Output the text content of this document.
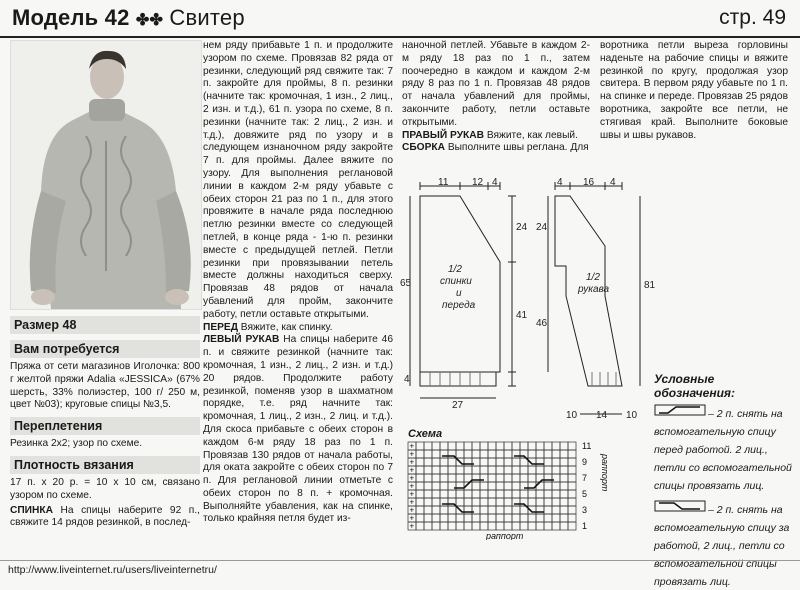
Модель 42 ✤✤ Свитер	стр. 49
Размер 48
Вам потребуется
Пряжа от сети магазинов Иголочка: 800 г желтой пряжи Adalia «JESSICA» (67% шерсть, 33% полиэстер, 100 г/ 250 м, цвет №03); круговые спицы №3,5.
Переплетения
Резинка 2х2; узор по схеме.
Плотность вязания
17 п. х 20 р. = 10 х 10 см, связано узором по схеме.
СПИНКА На спицы наберите 92 п., свяжите 14 рядов резинкой, в послед-
нем ряду прибавьте 1 п. и продолжите узором по схеме. Провязав 82 ряда от резинки, следующий ряд свяжите так: 7 п. закройте для проймы, 8 п. резинки (начните так: кромочная, 1 изн., 2 лиц., 2 изн. и т.д.), 61 п. узора по схеме, 8 п. резинки (начните так: 2 лиц., 2 изн. и т.д.), довяжите ряд по узору и в следующем изнаночном ряду закройте 7 п. для проймы. Далее вяжите по узору. Для выполнения реглановой линии в каждом 2-м ряду убавьте с обеих сторон 21 раз по 1 п., для этого провяжите в начале ряда последнюю петлю резинки вместе со следующей петлей, в конце ряда - 1-ю п. резинки вместе с предыдущей петлей. Петли резинки при провязывании петель вместе должны находиться сверху. Провязав 48 рядов от начала убавлений для пройм, закончите работу, петли оставьте открытыми.
ПЕРЕД Вяжите, как спинку.
ЛЕВЫЙ РУКАВ На спицы наберите 46 п. и свяжите резинкой (начните так: кромочная, 1 изн., 2 лиц., 2 изн. и т.д.) 20 рядов. Продолжите работу резинкой, поменяв узор в шахматном порядке, т.е. ряд начните так: кромочная, 1 лиц., 2 изн., 2 лиц. и т.д.). Для скоса прибавьте с обеих сторон в каждом 6-м ряду 18 раз по 1 п. Провязав 130 рядов от начала работы, для оката закройте с обеих сторон по 7 п. Для реглановой линии отметьте с обеих сторон по 8 п. + кромочная. Выполняйте убавления, как на спинке, только крайняя петля будет из-
наночной петлей. Убавьте в каждом 2-м ряду 18 раз по 1 п., затем поочередно в каждом и каждом 2-м ряду 8 раз по 1 п. Провязав 48 рядов от начала убавлений для проймы, закончите работу, петли оставьте открытыми.
ПРАВЫЙ РУКАВ Вяжите, как левый.
СБОРКА Выполните швы реглана. Для
воротника петли выреза горловины наденьте на рабочие спицы и вяжите резинкой по кругу, продолжая узор свитера. В первом ряду убавьте по 1 п. на спинке и переде. Провязав 25 рядов воротника, закройте все петли, не стягивая край. Выполните боковые швы и швы рукавов.
11 12 4
24
41
4
65
27
1/2
спинки
и
переда
4 16 4
24
46
81
10 14 10
1/2
рукава
Схема
+
+
+
+
+
+
+
+
+
+
+
11
9
7
5
3
1
раппорт
раппорт
Условные обозначения:
– 2 п. снять на вспомогательную спицу перед работой. 2 лиц., петли со вспомогательной спицы провязать лиц.
– 2 п. снять на вспомогательную спицу за работой, 2 лиц., петли со вспомогательной спицы провязать лиц.
http://www.liveinternet.ru/users/liveinternetru/
